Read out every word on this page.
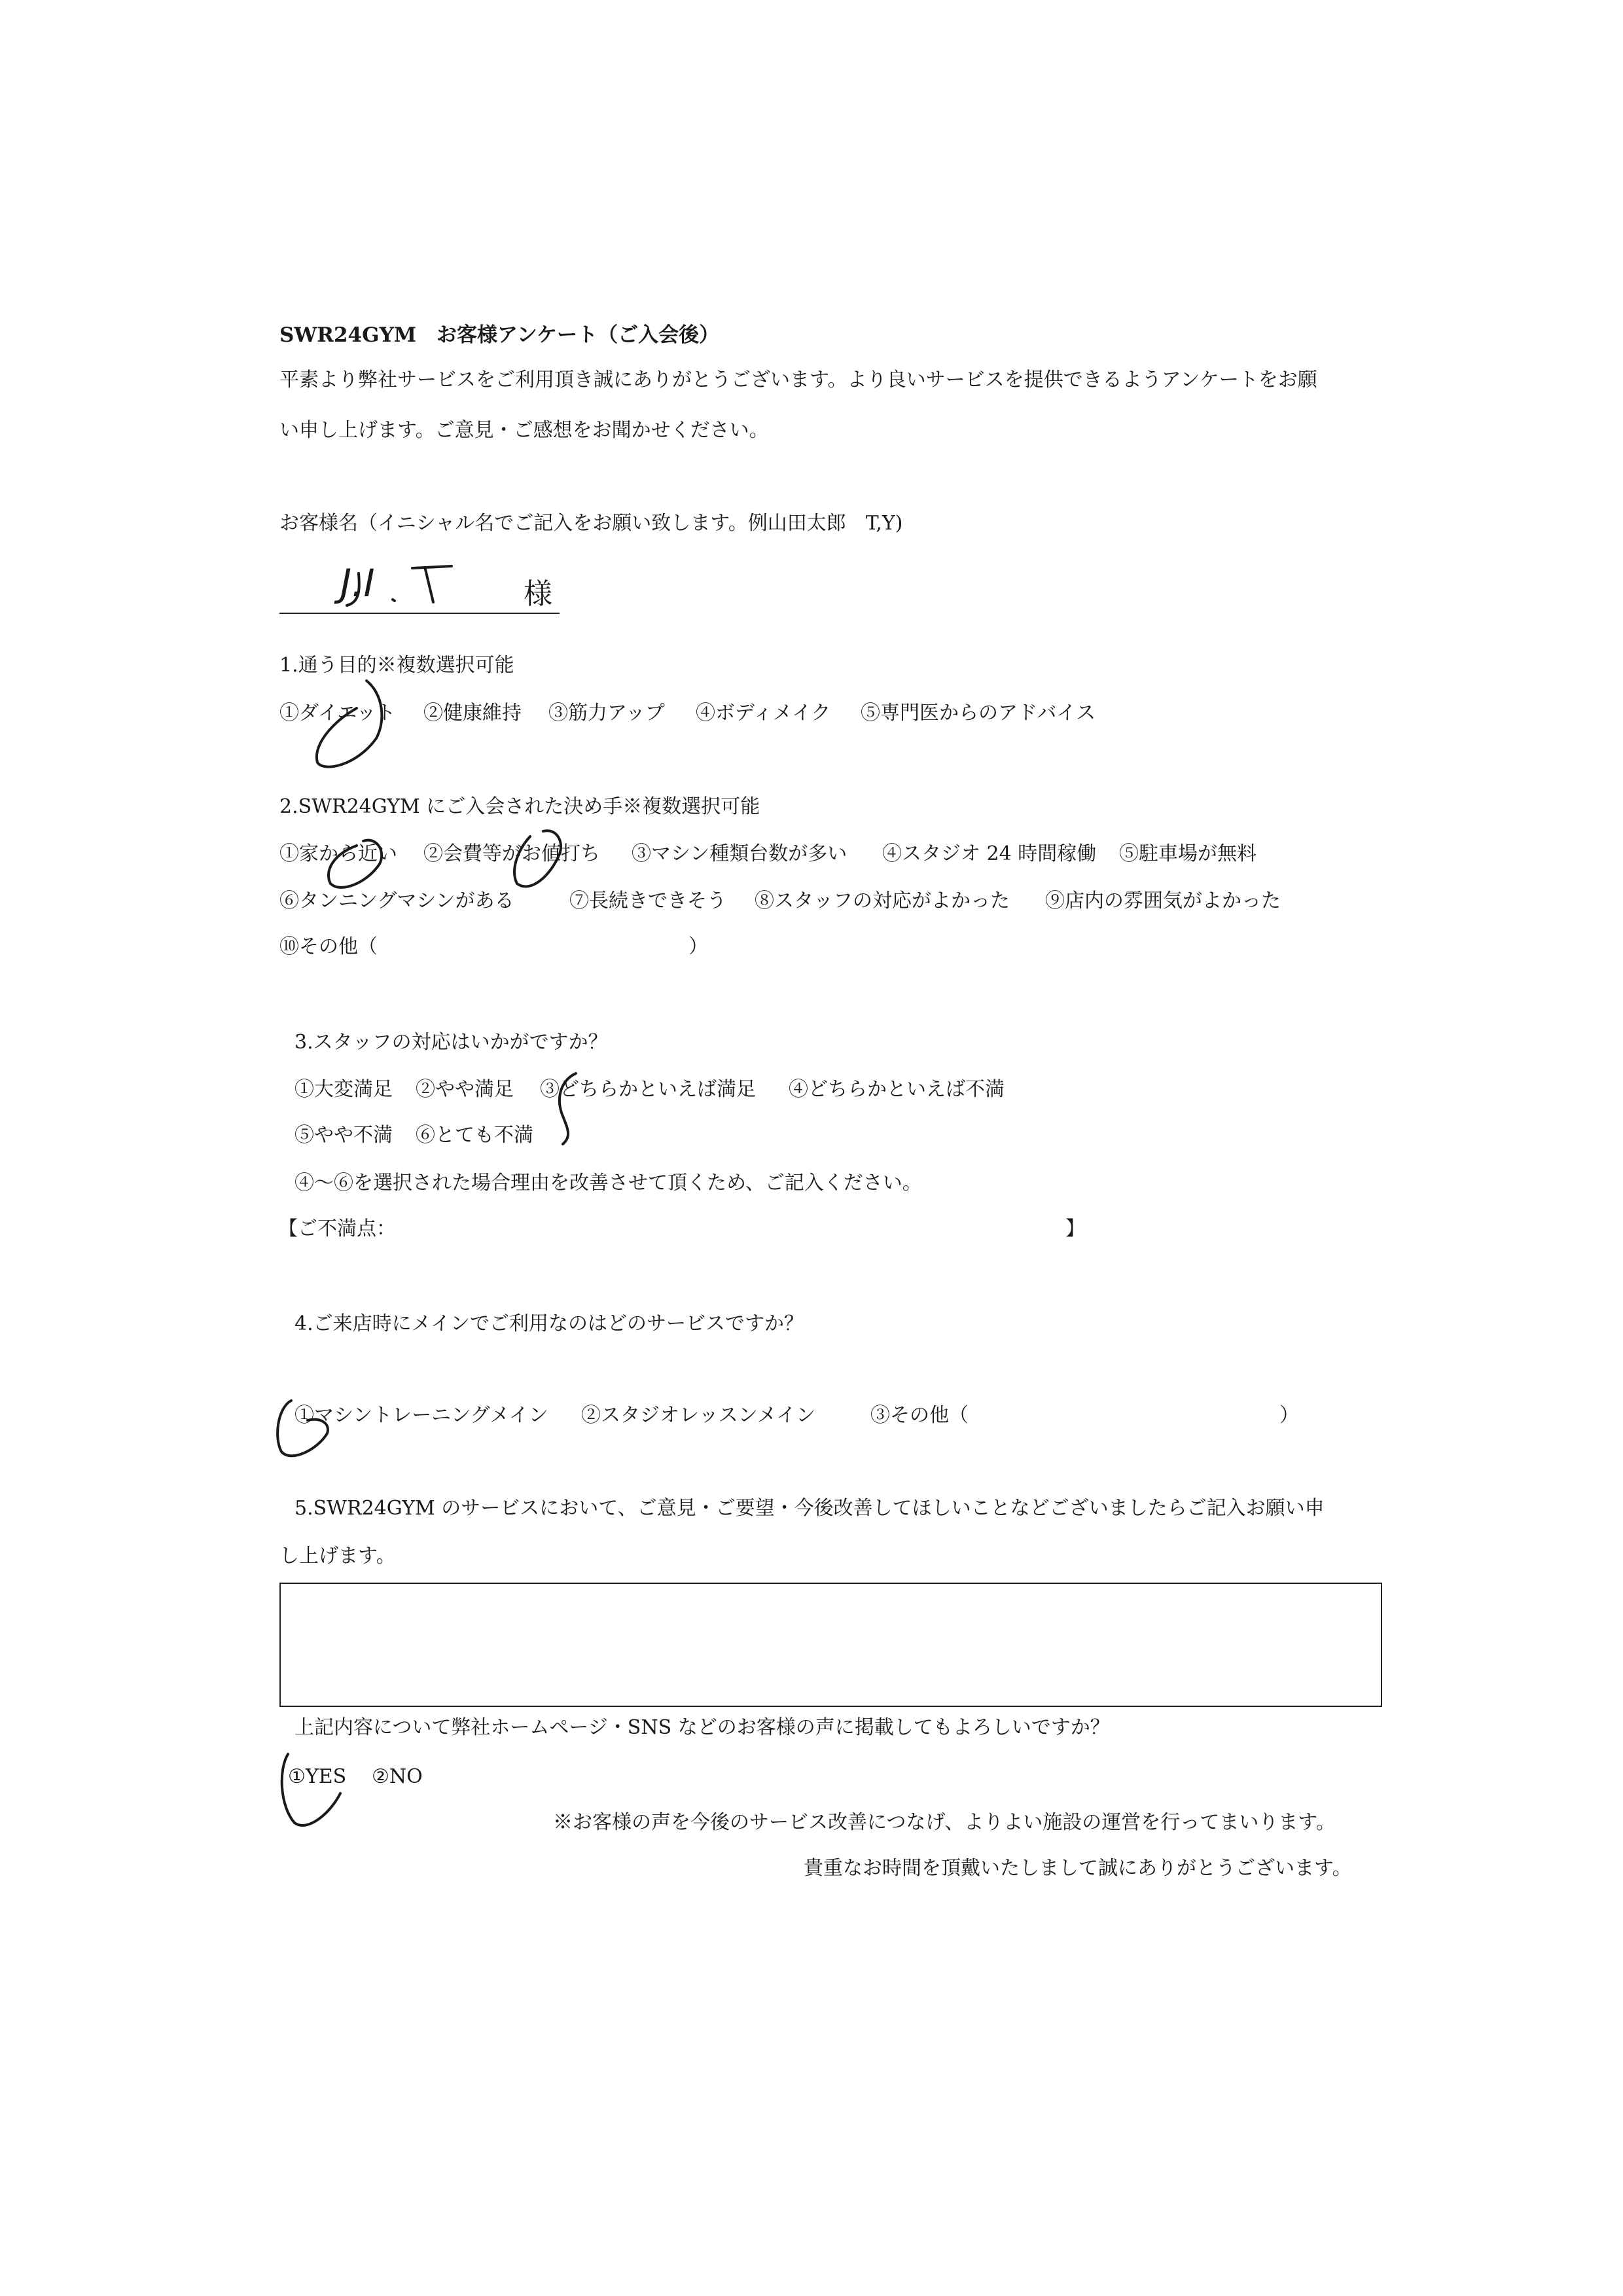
SWR24GYM　お客様アンケート（ご入会後）
平素より弊社サービスをご利用頂き誠にありがとうございます。より良いサービスを提供できるようアンケートをお願
い申し上げます。ご意見・ご感想をお聞かせください。
お客様名（イニシャル名でご記入をお願い致します。例山田太郎　T,Y)
J.I	様
1.通う目的※複数選択可能
①ダイエット ②健康維持 ③筋力アップ ④ボディメイク ⑤専門医からのアドバイス
2.SWR24GYM にご入会された決め手※複数選択可能
①家から近い ②会費等がお値打ち ③マシン種類台数が多い ④スタジオ 24 時間稼働 ⑤駐車場が無料
⑥タンニングマシンがある	⑦長続きできそう ⑧スタッフの対応がよかった ⑨店内の雰囲気がよかった
⑩その他（	）
3.スタッフの対応はいかがですか？
①大変満足 ②やや満足 ③どちらかといえば満足 ④どちらかといえば不満
⑤やや不満 ⑥とても不満
④～⑥を選択された場合理由を改善させて頂くため、ご記入ください。
【ご不満点：	】
4.ご来店時にメインでご利用なのはどのサービスですか？
①マシントレーニングメイン ②スタジオレッスンメイン	③その他（	）
5.SWR24GYM のサービスにおいて、ご意見・ご要望・今後改善してほしいことなどございましたらご記入お願い申
し上げます。
上記内容について弊社ホームページ・SNS などのお客様の声に掲載してもよろしいですか？
①YES ②NO
※お客様の声を今後のサービス改善につなげ、よりよい施設の運営を行ってまいります。
貴重なお時間を頂戴いたしまして誠にありがとうございます。
